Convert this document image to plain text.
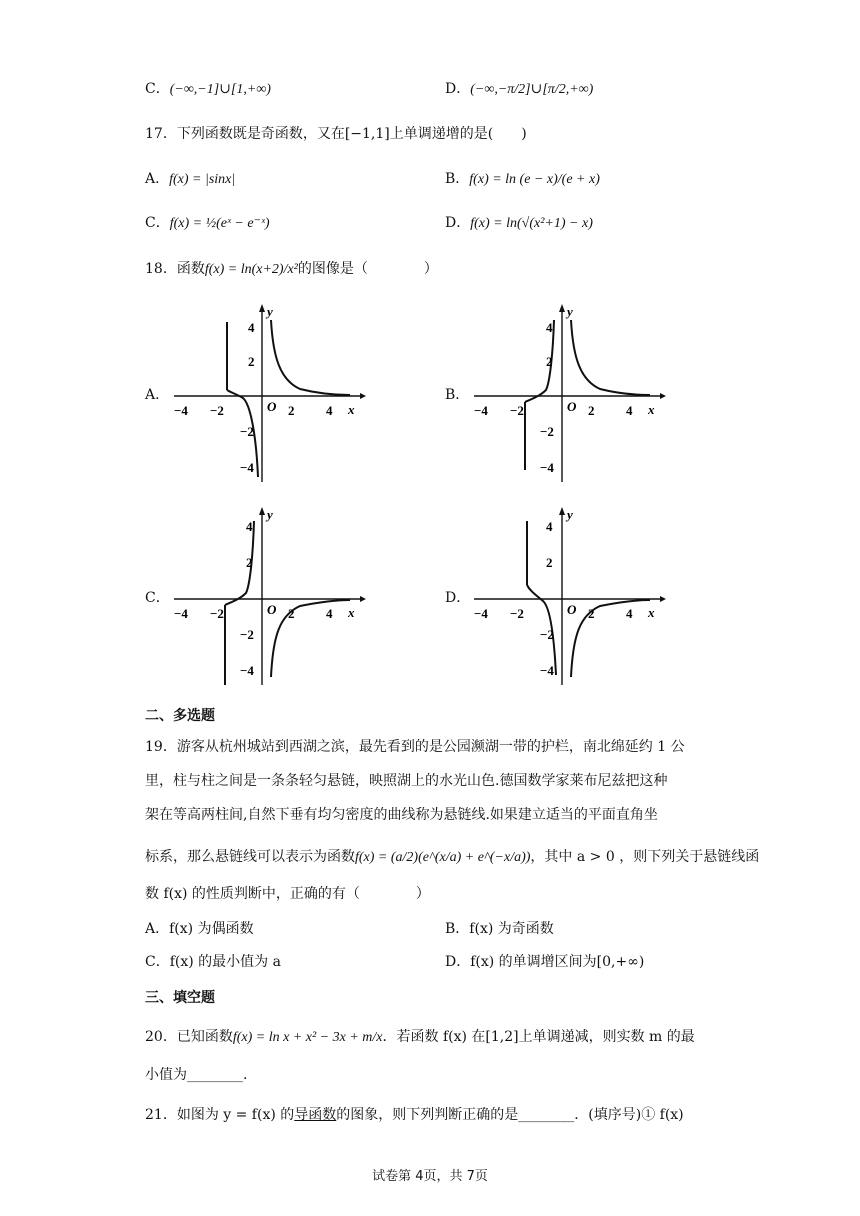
C．(−∞,−1]∪[1,+∞)	D．(−∞,−π/2]∪[π/2,+∞)
17．下列函数既是奇函数，又在[−1,1]上单调递增的是(　　)
A．f(x) = |sinx|	B．f(x) = ln (e − x)/(e + x)
C．f(x) = ½(eˣ − e⁻ˣ)	D．f(x) = ln(√(x²+1) − x)
18．函数f(x) = ln(x+2)/x²的图像是（　　　　）
A．	B．
C．	D．
−4 −2	2 4
4
2
−2
−4
O	x
y
−4 −2	2 4
4
2
−2
−4
O	x
y
−4 −2	2 4
4
2
−2
−4
O	x
y
−4 −2	2 4
4
2
−2
−4
O	x
y
二、多选题
19．游客从杭州城站到西湖之滨，最先看到的是公园濒湖一带的护栏，南北绵延约 1 公
里，柱与柱之间是一条条轻匀悬链，映照湖上的水光山色.德国数学家莱布尼兹把这种
架在等高两柱间,自然下垂有均匀密度的曲线称为悬链线.如果建立适当的平面直角坐
标系，那么悬链线可以表示为函数f(x) = (a/2)(e^(x/a) + e^(−x/a))，其中 a > 0 ，则下列关于悬链线函
数 f(x) 的性质判断中，正确的有（　　　　）
A．f(x) 为偶函数	B．f(x) 为奇函数
C．f(x) 的最小值为 a	D．f(x) 的单调增区间为[0,+∞)
三、填空题
20．已知函数f(x) = ln x + x² − 3x + m/x．若函数 f(x) 在[1,2]上单调递减，则实数 m 的最
小值为________.
21．如图为 y = f(x) 的导函数的图象，则下列判断正确的是________．(填序号)① f(x)
试卷第 4页，共 7页
